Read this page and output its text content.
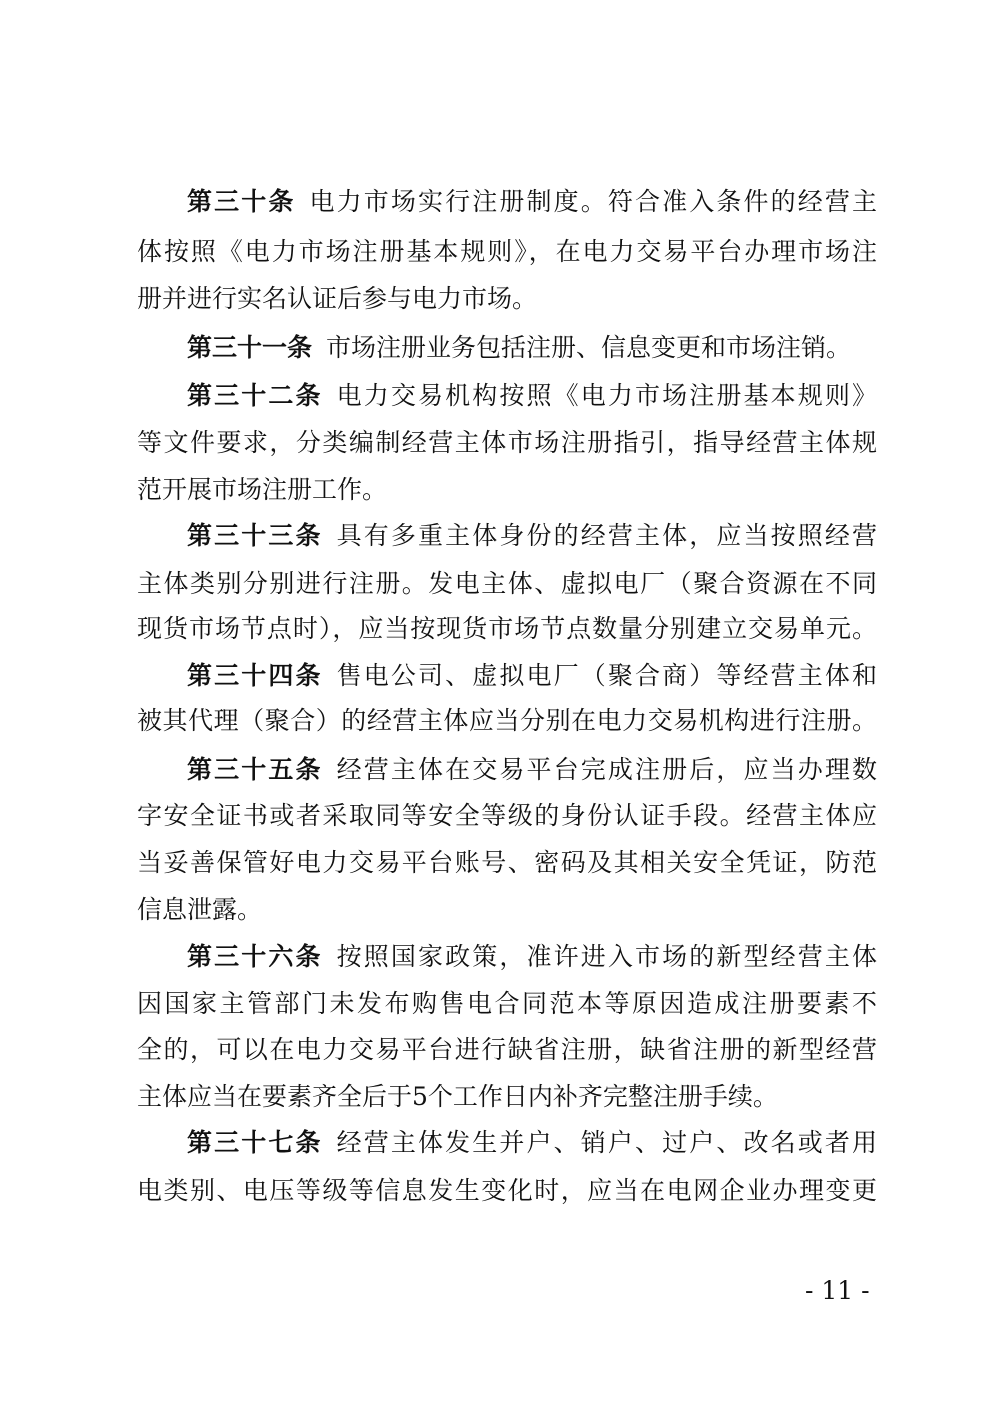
第三十条 电力市场实行注册制度。符合准入条件的经营主
体按照《电力市场注册基本规则》，在电力交易平台办理市场注
册并进行实名认证后参与电力市场。
第三十一条 市场注册业务包括注册、信息变更和市场注销。
第三十二条 电力交易机构按照《电力市场注册基本规则》
等文件要求，分类编制经营主体市场注册指引，指导经营主体规
范开展市场注册工作。
第三十三条 具有多重主体身份的经营主体，应当按照经营
主体类别分别进行注册。发电主体、虚拟电厂（聚合资源在不同
现货市场节点时），应当按现货市场节点数量分别建立交易单元。
第三十四条 售电公司、虚拟电厂（聚合商）等经营主体和
被其代理（聚合）的经营主体应当分别在电力交易机构进行注册。
第三十五条 经营主体在交易平台完成注册后，应当办理数
字安全证书或者采取同等安全等级的身份认证手段。经营主体应
当妥善保管好电力交易平台账号、密码及其相关安全凭证，防范
信息泄露。
第三十六条 按照国家政策，准许进入市场的新型经营主体
因国家主管部门未发布购售电合同范本等原因造成注册要素不
全的，可以在电力交易平台进行缺省注册，缺省注册的新型经营
主体应当在要素齐全后于5个工作日内补齐完整注册手续。
第三十七条 经营主体发生并户、销户、过户、改名或者用
电类别、电压等级等信息发生变化时，应当在电网企业办理变更
- 11 -
